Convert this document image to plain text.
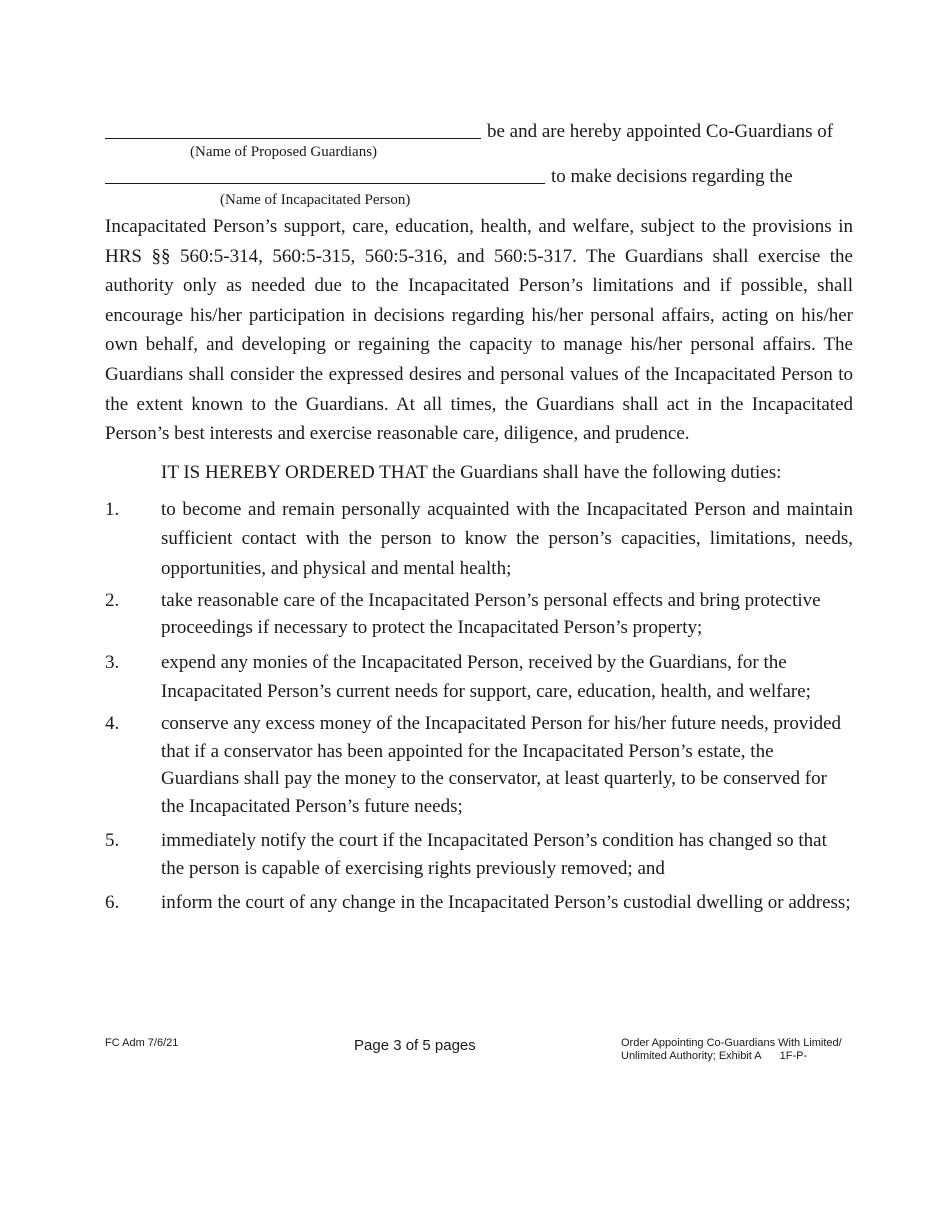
be and are hereby appointed Co-Guardians of
(Name of Proposed Guardians)
to make decisions regarding the
(Name of Incapacitated Person)

Incapacitated Person’s support, care, education, health, and welfare, subject to the provisions in HRS §§ 560:5-314, 560:5-315, 560:5-316, and 560:5-317. The Guardians shall exercise the authority only as needed due to the Incapacitated Person’s limitations and if possible, shall encourage his/her participation in decisions regarding his/her personal affairs, acting on his/her own behalf, and developing or regaining the capacity to manage his/her personal affairs. The Guardians shall consider the expressed desires and personal values of the Incapacitated Person to the extent known to the Guardians. At all times, the Guardians shall act in the Incapacitated Person’s best interests and exercise reasonable care, diligence, and prudence.

IT IS HEREBY ORDERED THAT the Guardians shall have the following duties:

1.	to become and remain personally acquainted with the Incapacitated Person and maintain sufficient contact with the person to know the person’s capacities, limitations, needs, opportunities, and physical and mental health;
2.	take reasonable care of the Incapacitated Person’s personal effects and bring protective proceedings if necessary to protect the Incapacitated Person’s property;
3.	expend any monies of the Incapacitated Person, received by the Guardians, for the Incapacitated Person’s current needs for support, care, education, health, and welfare;
4.	conserve any excess money of the Incapacitated Person for his/her future needs, provided that if a conservator has been appointed for the Incapacitated Person’s estate, the Guardians shall pay the money to the conservator, at least quarterly, to be conserved for the Incapacitated Person’s future needs;
5.	immediately notify the court if the Incapacitated Person’s condition has changed so that the person is capable of exercising rights previously removed; and
6.	inform the court of any change in the Incapacitated Person’s custodial dwelling or address;
FC Adm 7/6/21	Page 3 of 5 pages	Order Appointing Co-Guardians With Limited/
Unlimited Authority; Exhibit A 1F-P-
